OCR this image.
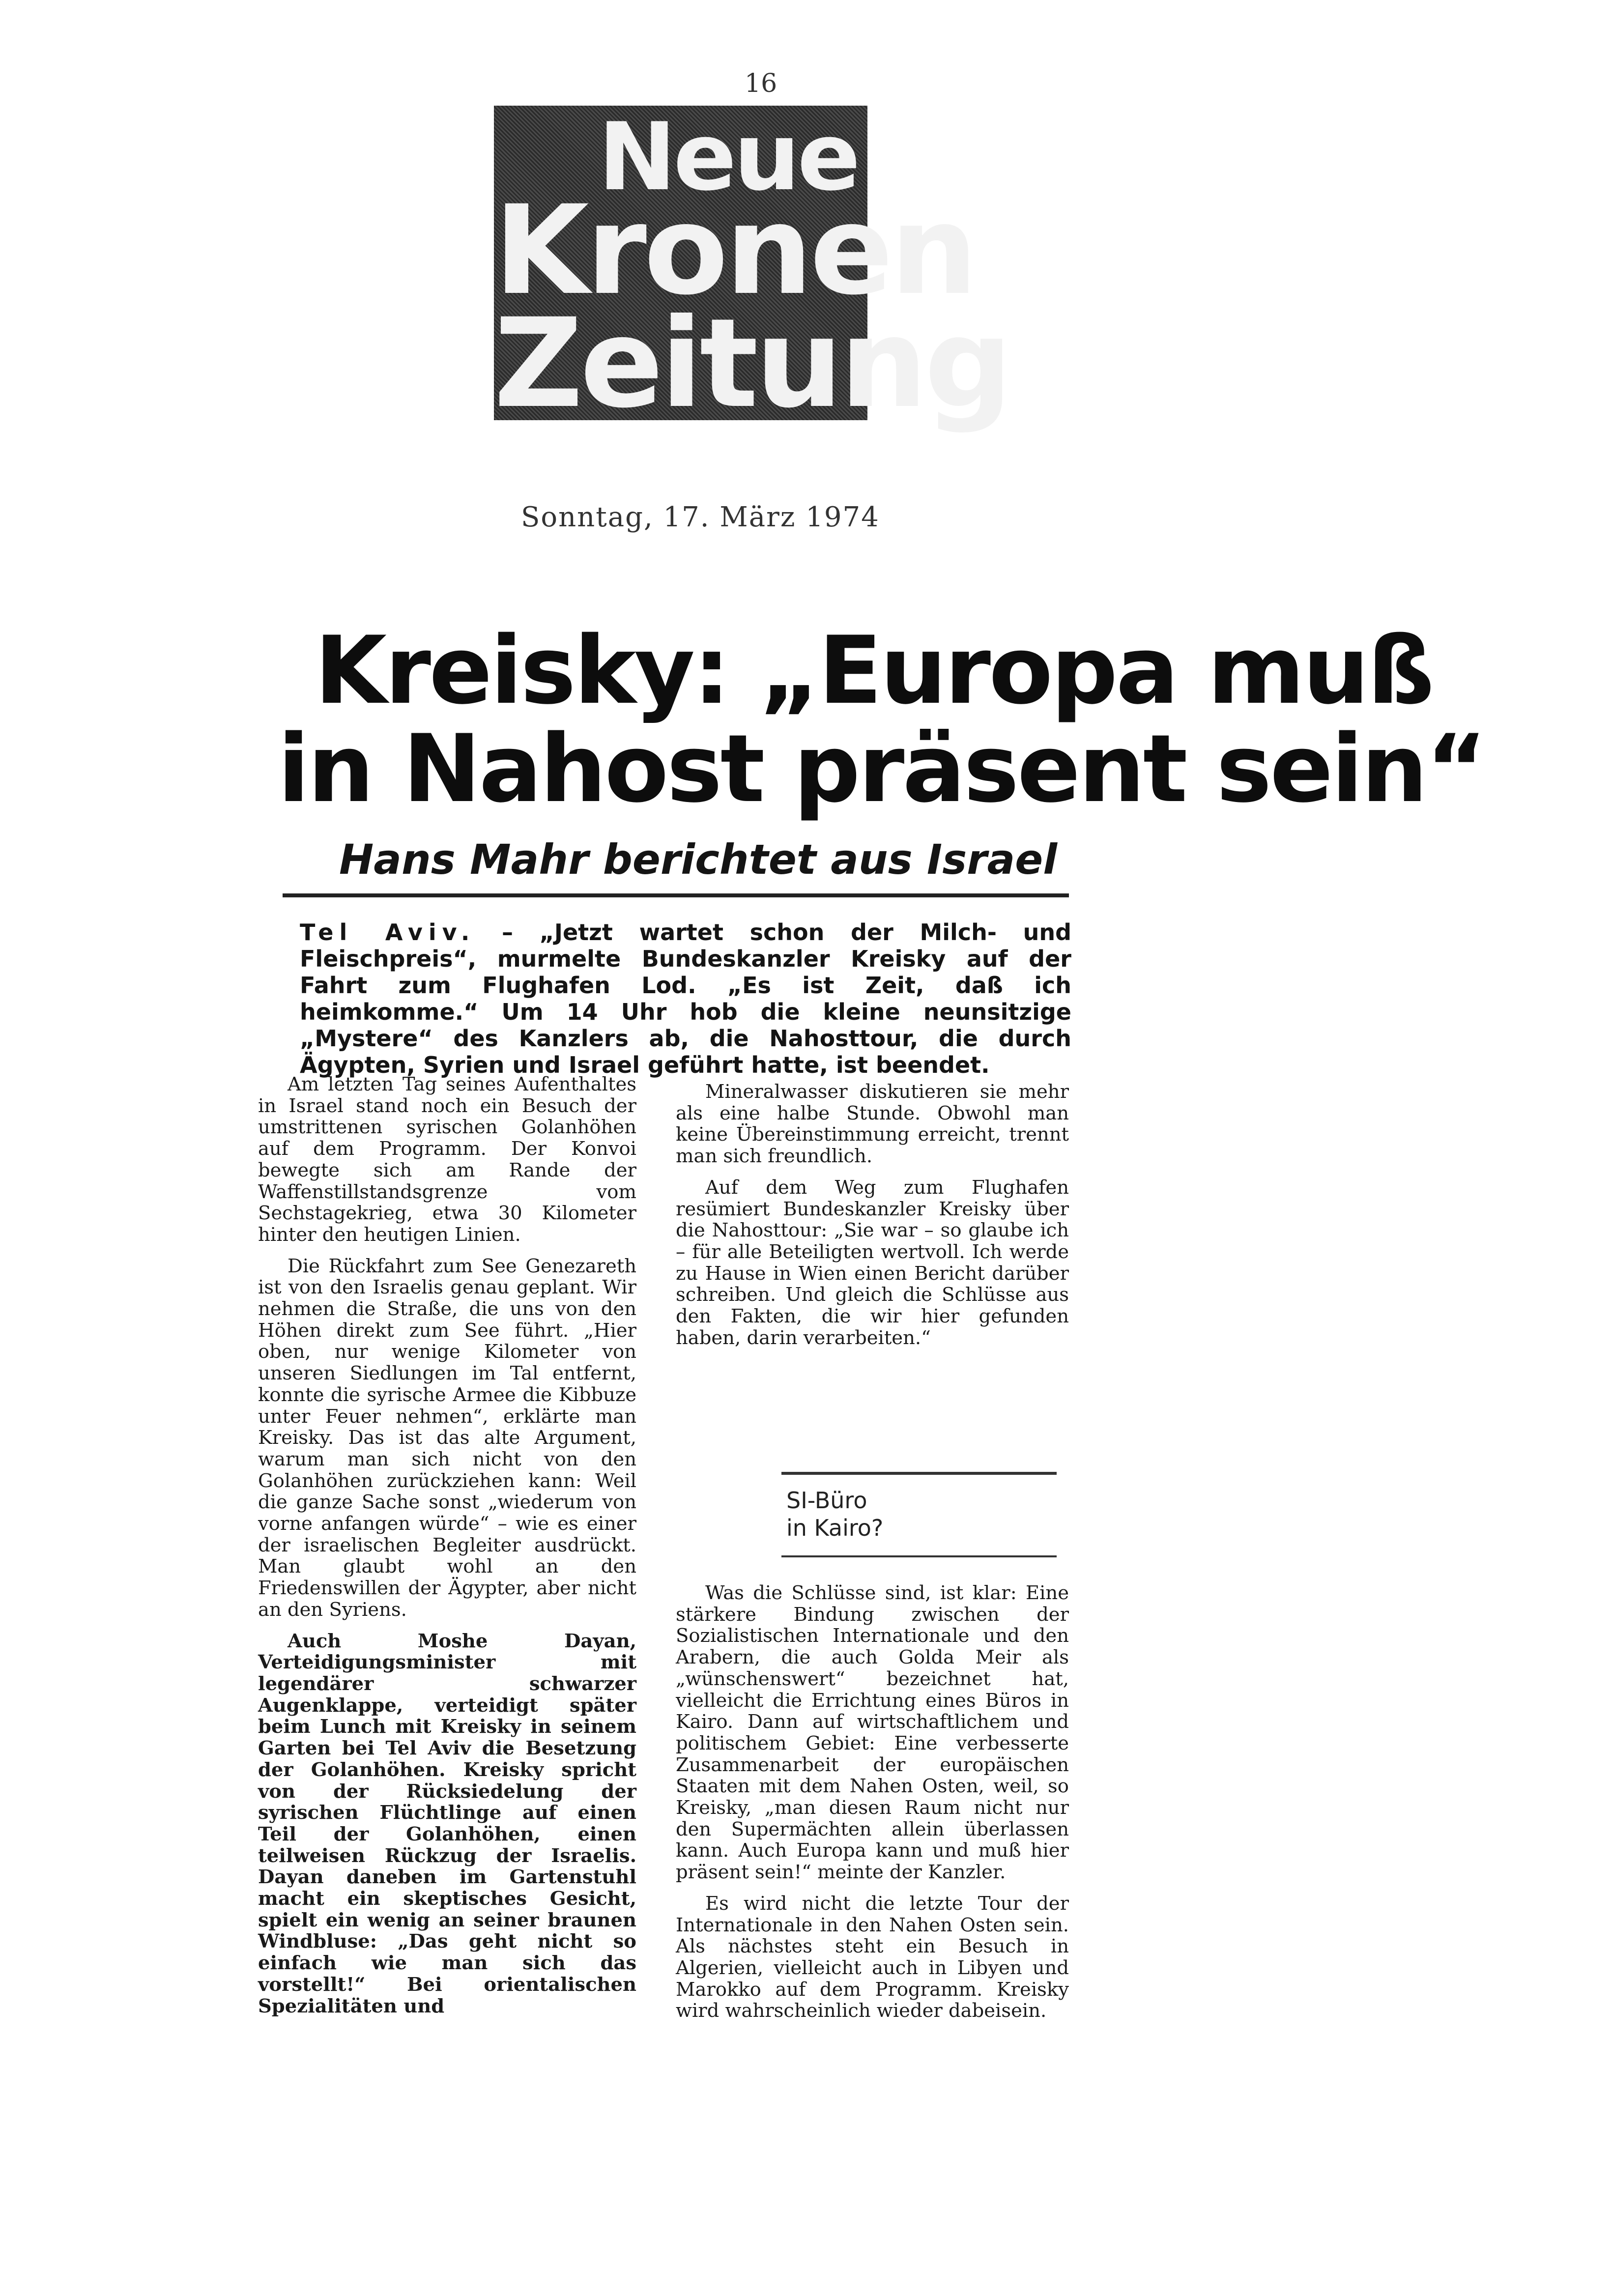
16
Neue
Kronen
Zeitung
Sonntag, 17. März 1974
Kreisky: „Europa muß
in Nahost präsent sein“
Hans Mahr berichtet aus Israel
Tel Aviv. – „Jetzt wartet schon der Milch- und Fleischpreis“, murmelte Bundeskanzler Kreisky auf der Fahrt zum Flughafen Lod. „Es ist Zeit, daß ich heimkomme.“ Um 14 Uhr hob die kleine neunsitzige „Mystere“ des Kanzlers ab, die Nahosttour, die durch Ägypten, Syrien und Israel geführt hatte, ist beendet.

Am letzten Tag seines Aufenthaltes in Israel stand noch ein Besuch der umstrittenen syrischen Golanhöhen auf dem Programm. Der Konvoi bewegte sich am Rande der Waffenstillstandsgrenze vom Sechstagekrieg, etwa 30 Kilometer hinter den heutigen Linien.

Die Rückfahrt zum See Genezareth ist von den Israelis genau geplant. Wir nehmen die Straße, die uns von den Höhen direkt zum See führt. „Hier oben, nur wenige Kilometer von unseren Siedlungen im Tal entfernt, konnte die syrische Armee die Kibbuze unter Feuer nehmen“, erklärte man Kreisky. Das ist das alte Argument, warum man sich nicht von den Golanhöhen zurückziehen kann: Weil die ganze Sache sonst „wiederum von vorne anfangen würde“ – wie es einer der israelischen Begleiter ausdrückt. Man glaubt wohl an den Friedenswillen der Ägypter, aber nicht an den Syriens.

Auch Moshe Dayan, Verteidigungsminister mit legendärer schwarzer Augenklappe, verteidigt später beim Lunch mit Kreisky in seinem Garten bei Tel Aviv die Besetzung der Golanhöhen. Kreisky spricht von der Rücksiedelung der syrischen Flüchtlinge auf einen Teil der Golanhöhen, einen teilweisen Rückzug der Israelis. Dayan daneben im Gartenstuhl macht ein skeptisches Gesicht, spielt ein wenig an seiner braunen Windbluse: „Das geht nicht so einfach wie man sich das vorstellt!“ Bei orientalischen Spezialitäten und

Mineralwasser diskutieren sie mehr als eine halbe Stunde. Obwohl man keine Übereinstimmung erreicht, trennt man sich freundlich.

Auf dem Weg zum Flughafen resümiert Bundeskanzler Kreisky über die Nahosttour: „Sie war – so glaube ich – für alle Beteiligten wertvoll. Ich werde zu Hause in Wien einen Bericht darüber schreiben. Und gleich die Schlüsse aus den Fakten, die wir hier gefunden haben, darin verarbeiten.“

SI-Büro
in Kairo?

Was die Schlüsse sind, ist klar: Eine stärkere Bindung zwischen der Sozialistischen Internationale und den Arabern, die auch Golda Meir als „wünschenswert“ bezeichnet hat, vielleicht die Errichtung eines Büros in Kairo. Dann auf wirtschaftlichem und politischem Gebiet: Eine verbesserte Zusammenarbeit der europäischen Staaten mit dem Nahen Osten, weil, so Kreisky, „man diesen Raum nicht nur den Supermächten allein überlassen kann. Auch Europa kann und muß hier präsent sein!“ meinte der Kanzler.

Es wird nicht die letzte Tour der Internationale in den Nahen Osten sein. Als nächstes steht ein Besuch in Algerien, vielleicht auch in Libyen und Marokko auf dem Programm. Kreisky wird wahrscheinlich wieder dabeisein.
